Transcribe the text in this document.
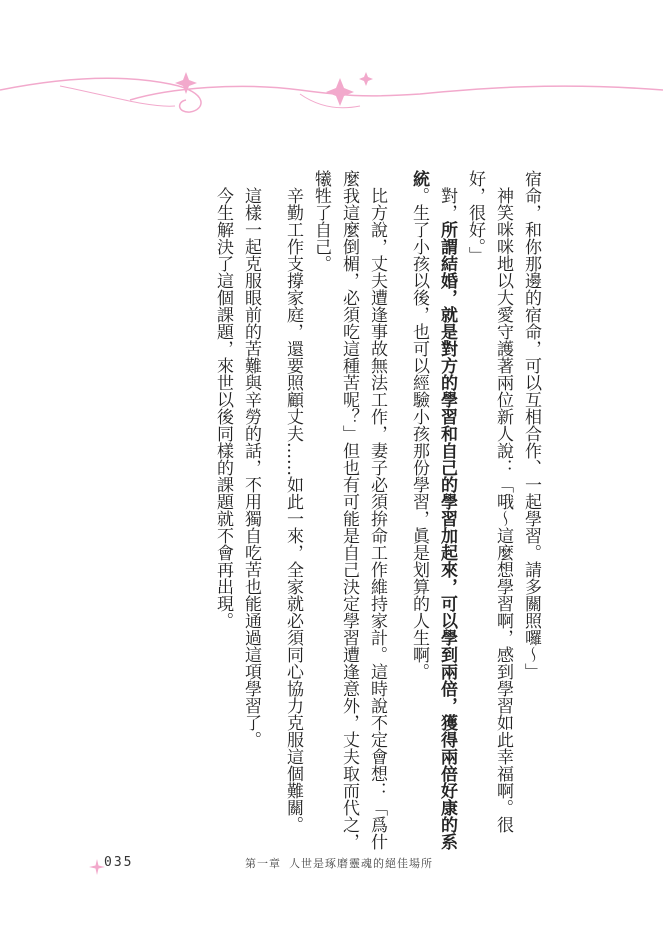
宿命，和你那邊的宿命，可以互相合作、一起學習。請多關照囉～」

神笑咪咪地以大愛守護著兩位新人說：「哦～這麼想學習啊，感到學習如此幸福啊。很好，很好。」

對，所謂結婚，就是對方的學習和自己的學習加起來，可以學到兩倍，獲得兩倍好康的系統。生了小孩以後，也可以經驗小孩那份學習，眞是划算的人生啊。

比方說，丈夫遭逢事故無法工作，妻子必須拚命工作維持家計。這時說不定會想：「爲什麼我這麼倒楣，必須吃這種苦呢？」但也有可能是自己決定學習遭逢意外，丈夫取而代之，犧牲了自己。

辛勤工作支撐家庭，還要照顧丈夫……如此一來，全家就必須同心協力克服這個難關。

這樣一起克服眼前的苦難與辛勞的話，不用獨自吃苦也能通過這項學習了。

今生解決了這個課題，來世以後同樣的課題就不會再出現。

035	第一章 人世是琢磨靈魂的絕佳場所
